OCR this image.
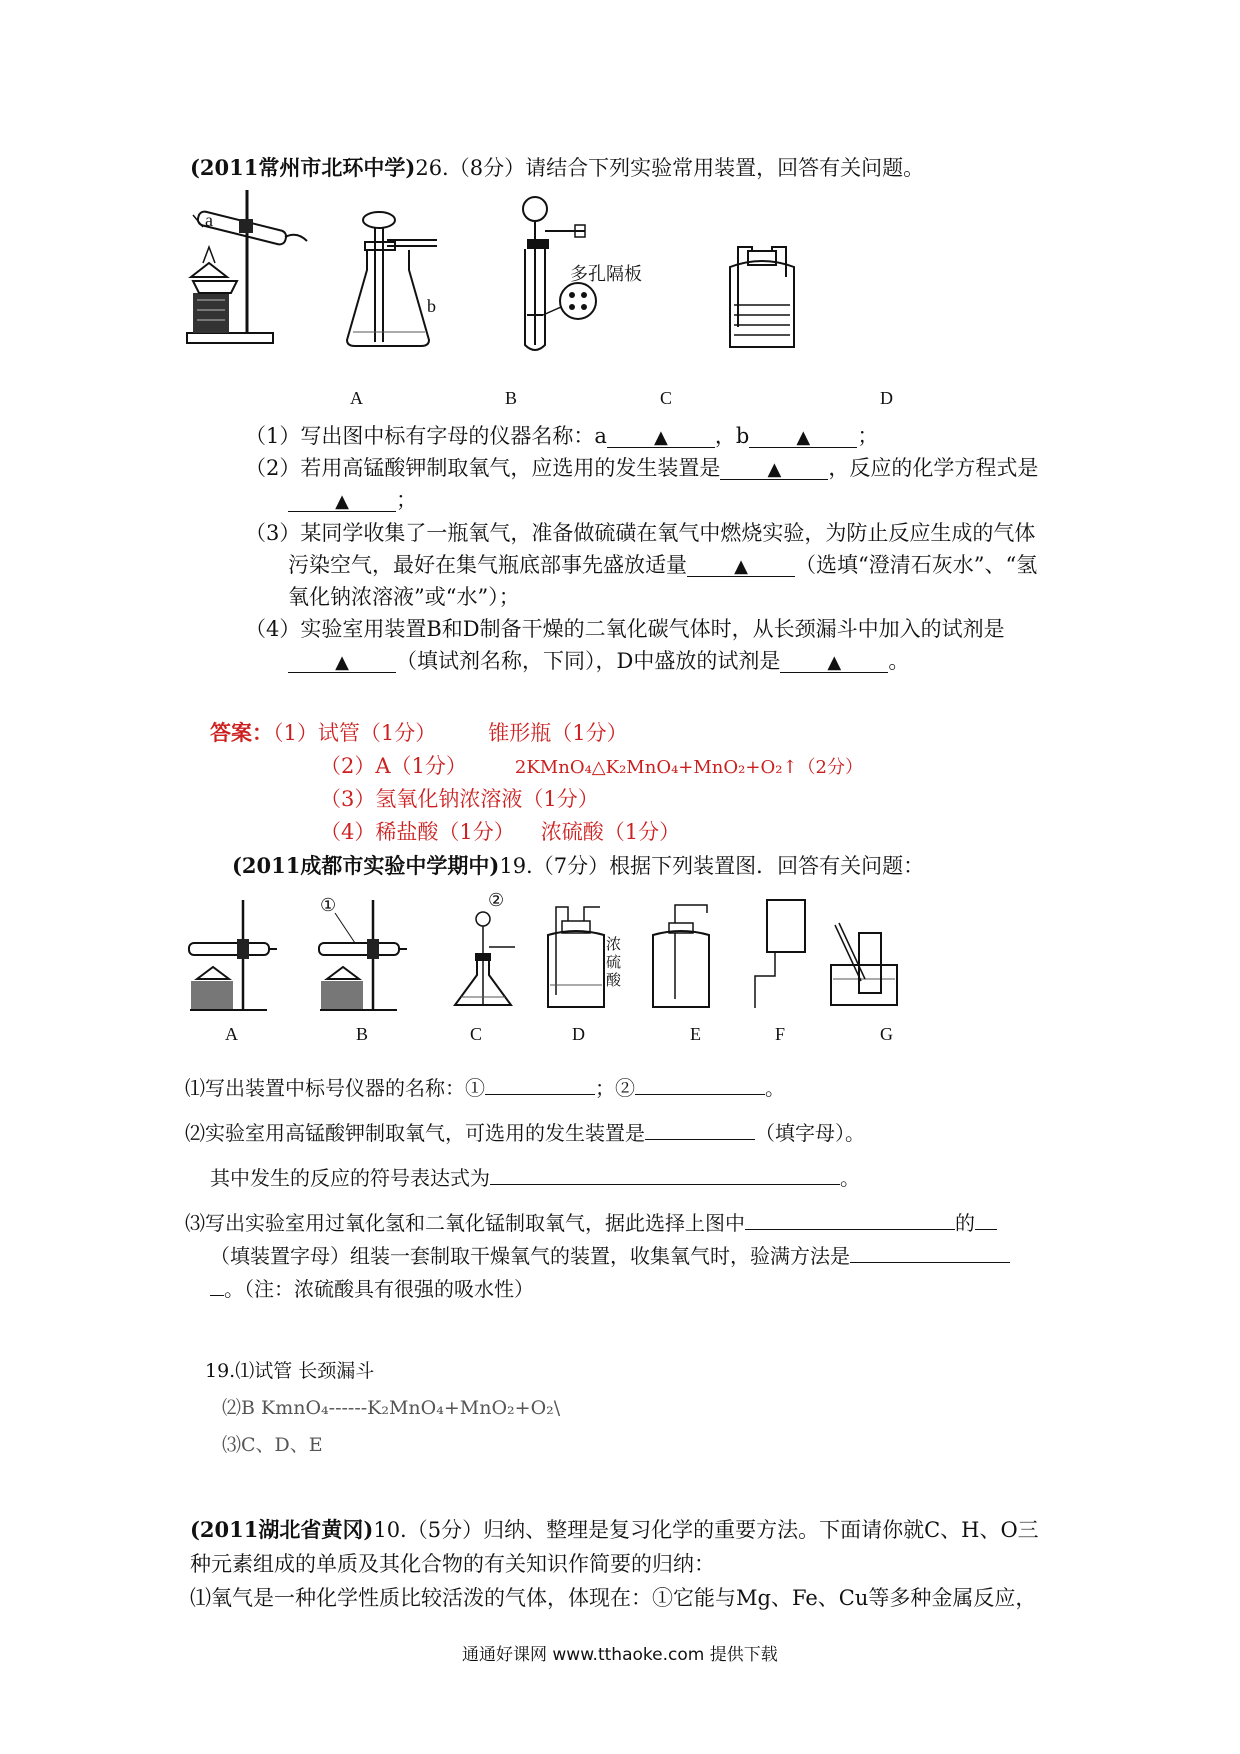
(2011常州市北环中学)26.（8分）请结合下列实验常用装置，回答有关问题。
a
b
多孔隔板
A	B	C	D
（1）写出图中标有字母的仪器名称：a	▲ ，b	▲ ；
（2）若用高锰酸钾制取氧气，应选用的发生装置是	▲ ，反应的化学方程式是
▲ ；
（3）某同学收集了一瓶氧气，准备做硫磺在氧气中燃烧实验，为防止反应生成的气体
污染空气，最好在集气瓶底部事先盛放适量	▲ （选填“澄清石灰水”、“氢
氧化钠浓溶液”或“水”）；
（4）实验室用装置B和D制备干燥的二氧化碳气体时，从长颈漏斗中加入的试剂是
▲ （填试剂名称，下同），D中盛放的试剂是	▲ 。
答案：（1）试管（1分） 锥形瓶（1分）
（2）A（1分）	2KMnO₄△K₂MnO₄+MnO₂+O₂↑（2分）
（3）氢氧化钠浓溶液（1分）
（4）稀盐酸（1分） 浓硫酸（1分）
(2011成都市实验中学期中)19.（7分）根据下列装置图．回答有关问题：
①	②
浓
硫
酸
A	B	C	D	E	F	G
⑴写出装置中标号仪器的名称：①	；②	。
⑵实验室用高锰酸钾制取氧气，可选用的发生装置是	（填字母）。
其中发生的反应的符号表达式为	。
⑶写出实验室用过氧化氢和二氧化锰制取氧气，据此选择上图中	的
（填装置字母）组装一套制取干燥氧气的装置，收集氧气时，验满方法是
。（注：浓硫酸具有很强的吸水性）
19.⑴试管 长颈漏斗
⑵B KmnO₄------K₂MnO₄+MnO₂+O₂\
⑶C、D、E
(2011湖北省黄冈)10.（5分）归纳、整理是复习化学的重要方法。下面请你就C、H、O三
种元素组成的单质及其化合物的有关知识作简要的归纳：
⑴氧气是一种化学性质比较活泼的气体，体现在：①它能与Mg、Fe、Cu等多种金属反应，
通通好课网 www.tthaoke.com 提供下载
